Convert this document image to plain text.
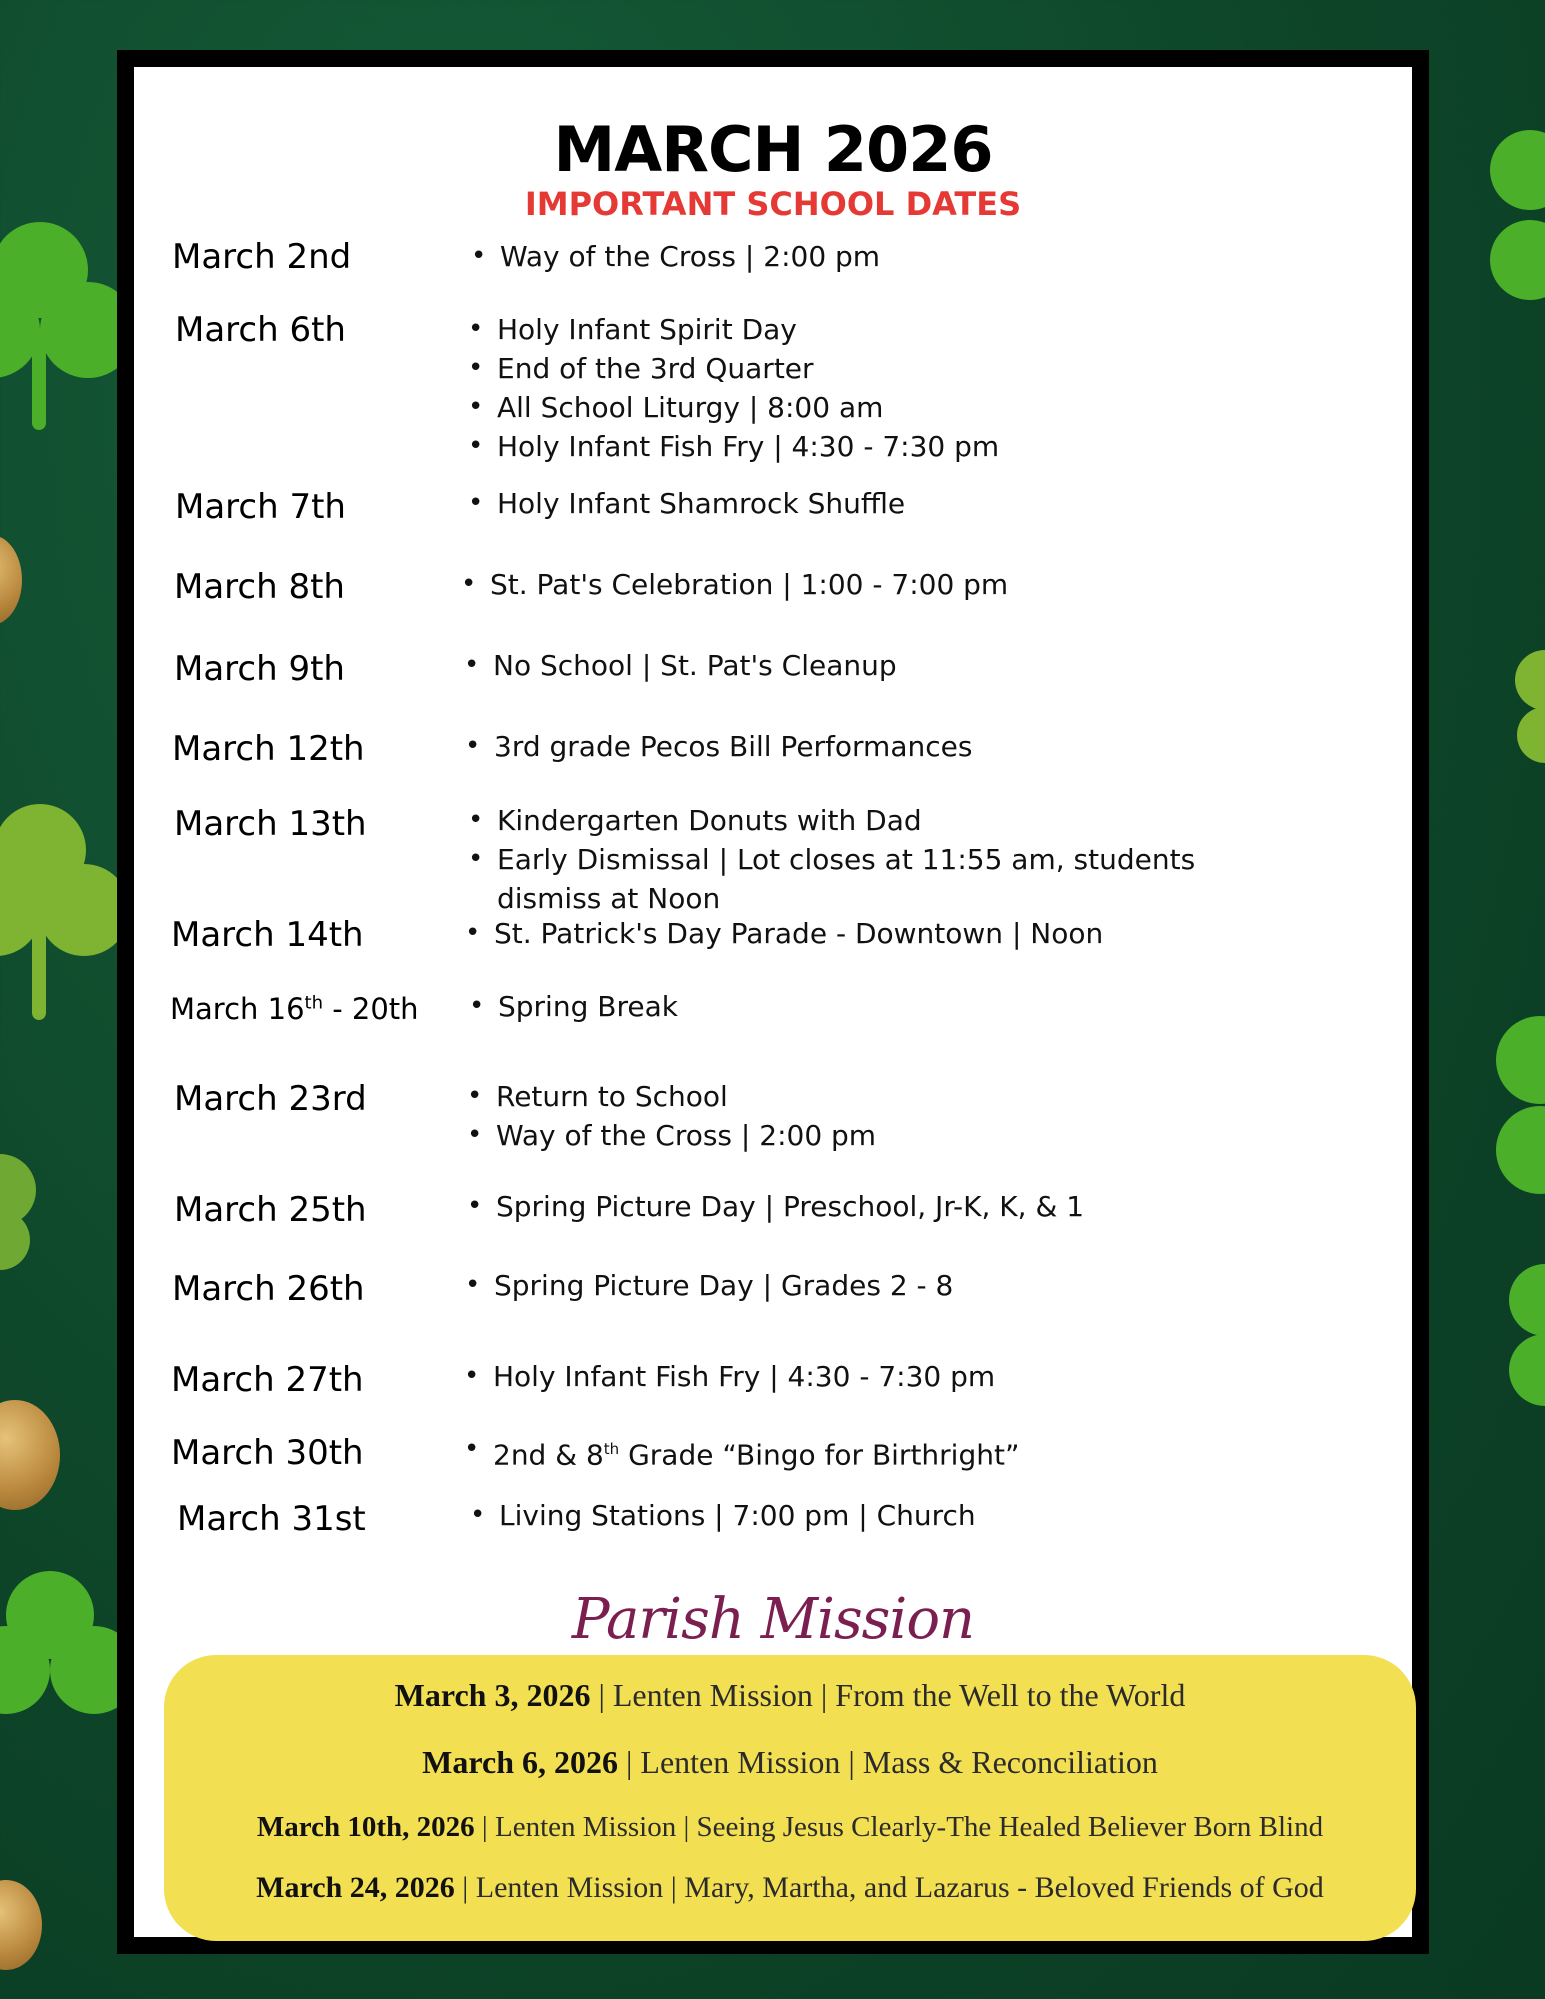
MARCH 2026
IMPORTANT SCHOOL DATES
March 2nd	• Way of the Cross | 2:00 pm
March 6th	• Holy Infant Spirit Day
• End of the 3rd Quarter
• All School Liturgy | 8:00 am
• Holy Infant Fish Fry | 4:30 - 7:30 pm
March 7th	• Holy Infant Shamrock Shuffle
March 8th	• St. Pat's Celebration | 1:00 - 7:00 pm
March 9th	• No School | St. Pat's Cleanup
March 12th	• 3rd grade Pecos Bill Performances
March 13th	• Kindergarten Donuts with Dad
• Early Dismissal | Lot closes at 11:55 am, students dismiss at Noon
March 14th	• St. Patrick's Day Parade - Downtown | Noon
March 16th - 20th	• Spring Break
March 23rd	• Return to School
• Way of the Cross | 2:00 pm
March 25th	• Spring Picture Day | Preschool, Jr-K, K, & 1
March 26th	• Spring Picture Day | Grades 2 - 8
March 27th	• Holy Infant Fish Fry | 4:30 - 7:30 pm
March 30th	• 2nd & 8th Grade “Bingo for Birthright”
March 31st	• Living Stations | 7:00 pm | Church
Parish Mission
March 3, 2026 | Lenten Mission | From the Well to the World
March 6, 2026 | Lenten Mission | Mass & Reconciliation
March 10th, 2026 | Lenten Mission | Seeing Jesus Clearly-The Healed Believer Born Blind
March 24, 2026 | Lenten Mission | Mary, Martha, and Lazarus - Beloved Friends of God
